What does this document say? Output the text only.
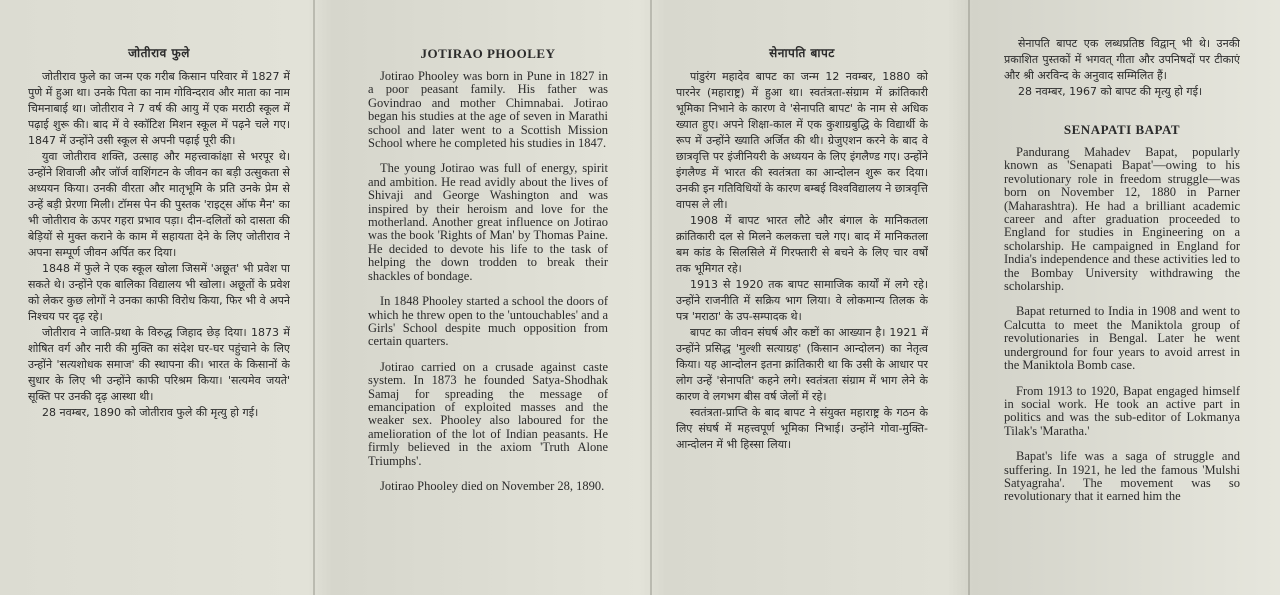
जोतीराव फुले

जोतीराव फुले का जन्म एक गरीब किसान परिवार में 1827 में पुणे में हुआ था। उनके पिता का नाम गोविन्दराव और माता का नाम चिमनाबाई था। जोतीराव ने 7 वर्ष की आयु में एक मराठी स्कूल में पढ़ाई शुरू की। बाद में वे स्कॉटिश मिशन स्कूल में पढ़ने चले गए। 1847 में उन्होंने उसी स्कूल से अपनी पढ़ाई पूरी की।

युवा जोतीराव शक्ति, उत्साह और महत्त्वाकांक्षा से भरपूर थे। उन्होंने शिवाजी और जॉर्ज वाशिंगटन के जीवन का बड़ी उत्सुकता से अध्ययन किया। उनकी वीरता और मातृभूमि के प्रति उनके प्रेम से उन्हें बड़ी प्रेरणा मिली। टॉमस पेन की पुस्तक 'राइट्स ऑफ मैन' का भी जोतीराव के ऊपर गहरा प्रभाव पड़ा। दीन-दलितों को दासता की बेड़ियों से मुक्त कराने के काम में सहायता देने के लिए जोतीराव ने अपना सम्पूर्ण जीवन अर्पित कर दिया।

1848 में फुले ने एक स्कूल खोला जिसमें 'अछूत' भी प्रवेश पा सकते थे। उन्होंने एक बालिका विद्यालय भी खोला। अछूतों के प्रवेश को लेकर कुछ लोगों ने उनका काफी विरोध किया, फिर भी वे अपने निश्चय पर दृढ़ रहे।

जोतीराव ने जाति-प्रथा के विरुद्ध जिहाद छेड़ दिया। 1873 में शोषित वर्ग और नारी की मुक्ति का संदेश घर-घर पहुंचाने के लिए उन्होंने 'सत्यशोधक समाज' की स्थापना की। भारत के किसानों के सुधार के लिए भी उन्होंने काफी परिश्रम किया। 'सत्यमेव जयते' सूक्ति पर उनकी दृढ़ आस्था थी।

28 नवम्बर, 1890 को जोतीराव फुले की मृत्यु हो गई।

JOTIRAO PHOOLEY

Jotirao Phooley was born in Pune in 1827 in a poor peasant family. His father was Govindrao and mother Chimnabai. Jotirao began his studies at the age of seven in Marathi school and later went to a Scottish Mission School where he completed his studies in 1847.

The young Jotirao was full of energy, spirit and ambition. He read avidly about the lives of Shivaji and George Washington and was inspired by their heroism and love for the motherland. Another great influence on Jotirao was the book 'Rights of Man' by Thomas Paine. He decided to devote his life to the task of helping the down trodden to break their shackles of bondage.

In 1848 Phooley started a school the doors of which he threw open to the 'untouchables' and a Girls' School despite much opposition from certain quarters.

Jotirao carried on a crusade against caste system. In 1873 he founded Satya-Shodhak Samaj for spreading the message of emancipation of exploited masses and the weaker sex. Phooley also laboured for the amelioration of the lot of Indian peasants. He firmly believed in the axiom 'Truth Alone Triumphs'.

Jotirao Phooley died on November 28, 1890.

सेनापति बापट

पांडुरंग महादेव बापट का जन्म 12 नवम्बर, 1880 को पारनेर (महाराष्ट्र) में हुआ था। स्वतंत्रता-संग्राम में क्रांतिकारी भूमिका निभाने के कारण वे 'सेनापति बापट' के नाम से अधिक ख्यात हुए। अपने शिक्षा-काल में एक कुशाग्रबुद्धि के विद्यार्थी के रूप में उन्होंने ख्याति अर्जित की थी। ग्रेजुएशन करने के बाद वे छात्रवृत्ति पर इंजीनियरी के अध्ययन के लिए इंगलैण्ड गए। उन्होंने इंगलैण्ड में भारत की स्वतंत्रता का आन्दोलन शुरू कर दिया। उनकी इन गतिविधियों के कारण बम्बई विश्वविद्यालय ने छात्रवृत्ति वापस ले ली।

1908 में बापट भारत लौटे और बंगाल के मानिकतला क्रांतिकारी दल से मिलने कलकत्ता चले गए। बाद में मानिकतला बम कांड के सिलसिले में गिरफ्तारी से बचने के लिए चार वर्षों तक भूमिगत रहे।

1913 से 1920 तक बापट सामाजिक कार्यों में लगे रहे। उन्होंने राजनीति में सक्रिय भाग लिया। वे लोकमान्य तिलक के पत्र 'मराठा' के उप-सम्पादक थे।

बापट का जीवन संघर्ष और कष्टों का आख्यान है। 1921 में उन्होंने प्रसिद्ध 'मुल्शी सत्याग्रह' (किसान आन्दोलन) का नेतृत्व किया। यह आन्दोलन इतना क्रांतिकारी था कि उसी के आधार पर लोग उन्हें 'सेनापति' कहने लगे। स्वतंत्रता संग्राम में भाग लेने के कारण वे लगभग बीस वर्ष जेलों में रहे।

स्वतंत्रता-प्राप्ति के बाद बापट ने संयुक्त महाराष्ट्र के गठन के लिए संघर्ष में महत्त्वपूर्ण भूमिका निभाई। उन्होंने गोवा-मुक्ति-आन्दोलन में भी हिस्सा लिया।

सेनापति बापट एक लब्धप्रतिष्ठ विद्वान् भी थे। उनकी प्रकाशित पुस्तकों में भगवत् गीता और उपनिषदों पर टीकाएं और श्री अरविन्द के अनुवाद सम्मिलित हैं।

28 नवम्बर, 1967 को बापट की मृत्यु हो गई।

SENAPATI BAPAT

Pandurang Mahadev Bapat, popularly known as 'Senapati Bapat'—owing to his revolutionary role in freedom struggle—was born on November 12, 1880 in Parner (Maharashtra). He had a brilliant academic career and after graduation proceeded to England for studies in Engineering on a scholarship. He campaigned in England for India's independence and these activities led to the Bombay University withdrawing the scholarship.

Bapat returned to India in 1908 and went to Calcutta to meet the Maniktola group of revolutionaries in Bengal. Later he went underground for four years to avoid arrest in the Maniktola Bomb case.

From 1913 to 1920, Bapat engaged himself in social work. He took an active part in politics and was the sub-editor of Lokmanya Tilak's 'Maratha.'

Bapat's life was a saga of struggle and suffering. In 1921, he led the famous 'Mulshi Satyagraha'. The movement was so revolutionary that it earned him the
